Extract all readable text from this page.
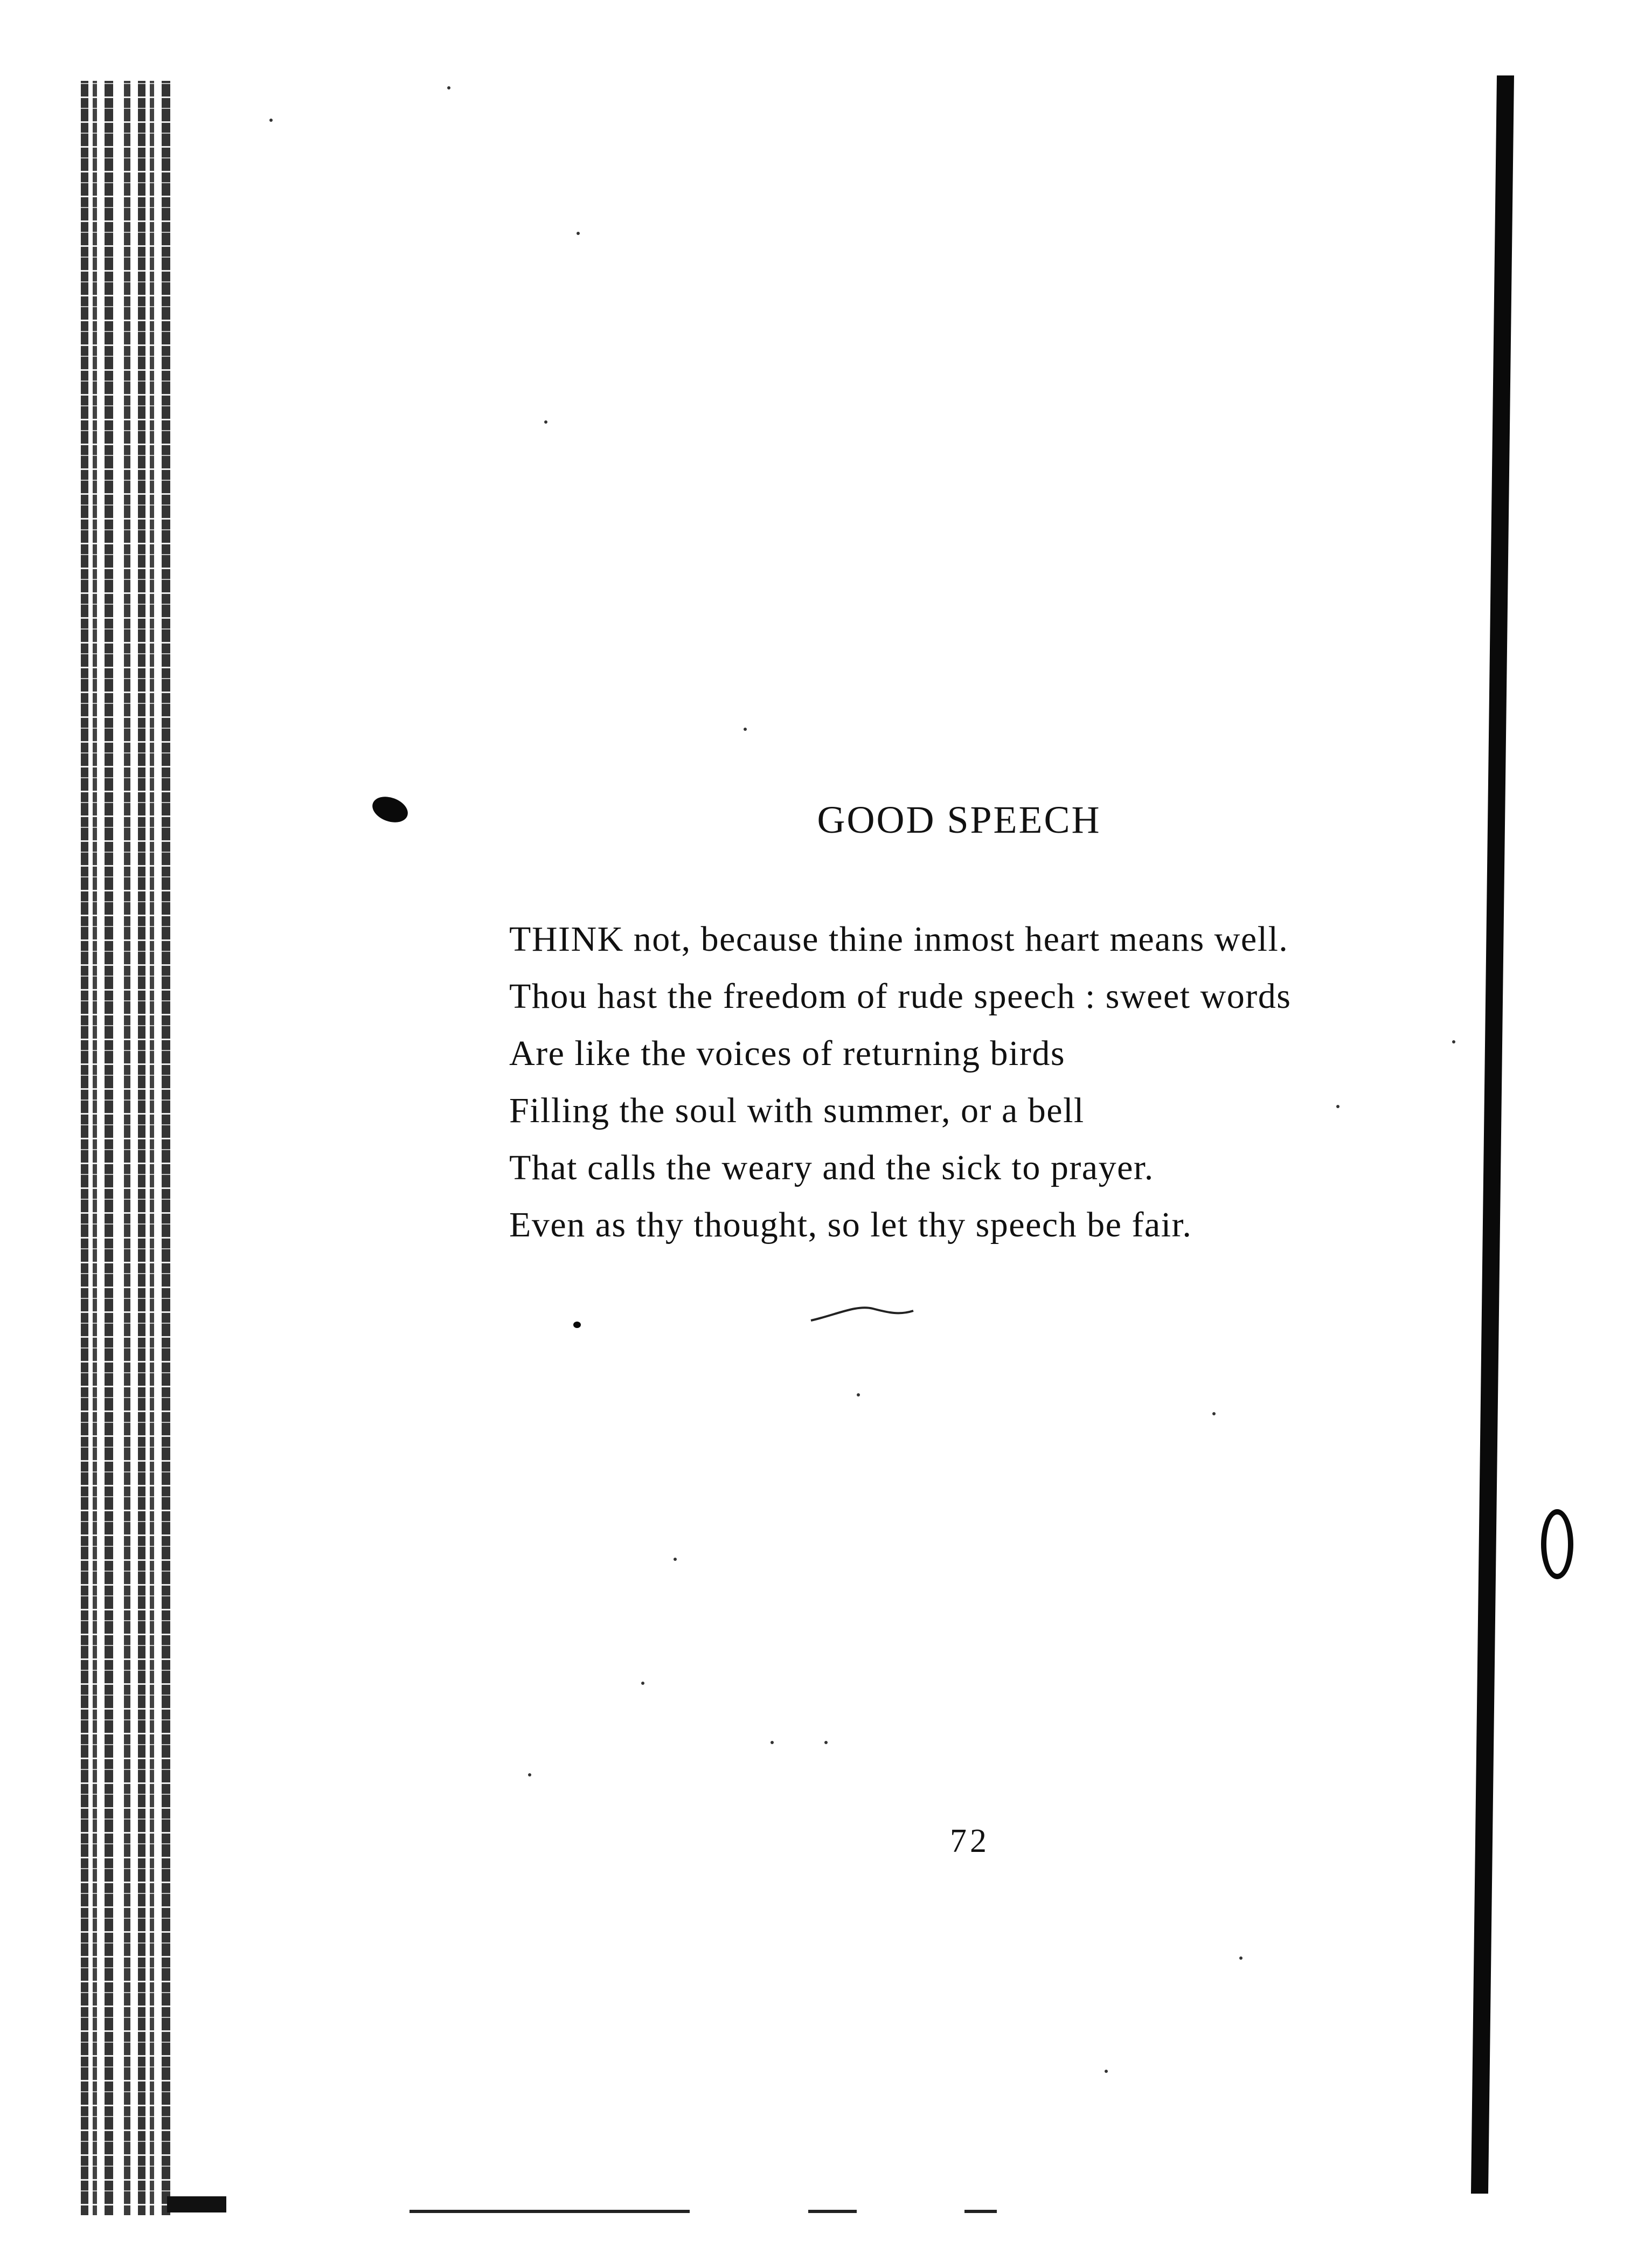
GOOD SPEECH
THINK not, because thine inmost heart means well.
Thou hast the freedom of rude speech : sweet words
Are like the voices of returning birds
Filling the soul with summer, or a bell
That calls the weary and the sick to prayer.
Even as thy thought, so let thy speech be fair.
72
